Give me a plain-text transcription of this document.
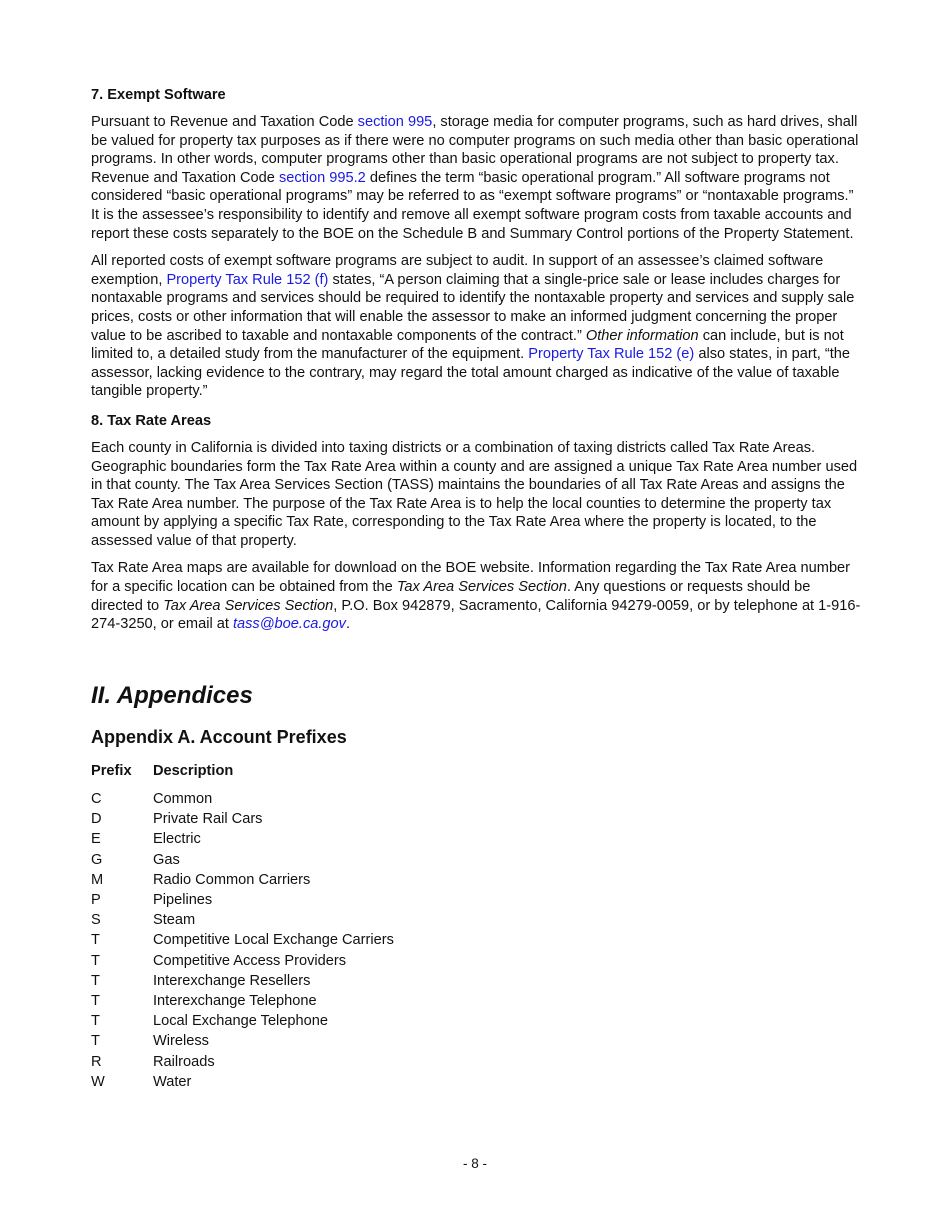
7. Exempt Software

Pursuant to Revenue and Taxation Code section 995, storage media for computer programs, such as hard drives, shall be valued for property tax purposes as if there were no computer programs on such media other than basic operational programs. In other words, computer programs other than basic operational programs are not subject to property tax. Revenue and Taxation Code section 995.2 defines the term “basic operational program.” All software programs not considered “basic operational programs” may be referred to as “exempt software programs” or “nontaxable programs.” It is the assessee’s responsibility to identify and remove all exempt software program costs from taxable accounts and report these costs separately to the BOE on the Schedule B and Summary Control portions of the Property Statement.

All reported costs of exempt software programs are subject to audit. In support of an assessee’s claimed software exemption, Property Tax Rule 152 (f) states, “A person claiming that a single-price sale or lease includes charges for nontaxable programs and services should be required to identify the nontaxable property and services and supply sale prices, costs or other information that will enable the assessor to make an informed judgment concerning the proper value to be ascribed to taxable and nontaxable components of the contract.” Other information can include, but is not limited to, a detailed study from the manufacturer of the equipment. Property Tax Rule 152 (e) also states, in part, “the assessor, lacking evidence to the contrary, may regard the total amount charged as indicative of the value of taxable tangible property.”

8. Tax Rate Areas

Each county in California is divided into taxing districts or a combination of taxing districts called Tax Rate Areas. Geographic boundaries form the Tax Rate Area within a county and are assigned a unique Tax Rate Area number used in that county. The Tax Area Services Section (TASS) maintains the boundaries of all Tax Rate Areas and assigns the Tax Rate Area number. The purpose of the Tax Rate Area is to help the local counties to determine the property tax amount by applying a specific Tax Rate, corresponding to the Tax Rate Area where the property is located, to the assessed value of that property.

Tax Rate Area maps are available for download on the BOE website. Information regarding the Tax Rate Area number for a specific location can be obtained from the Tax Area Services Section. Any questions or requests should be directed to Tax Area Services Section, P.O. Box 942879, Sacramento, California 94279-0059, or by telephone at 1-916-274-3250, or email at tass@boe.ca.gov.

II. Appendices
Appendix A. Account Prefixes
Prefix	Description
C	Common
D	Private Rail Cars
E	Electric
G	Gas
M	Radio Common Carriers
P	Pipelines
S	Steam
T	Competitive Local Exchange Carriers
T	Competitive Access Providers
T	Interexchange Resellers
T	Interexchange Telephone
T	Local Exchange Telephone
T	Wireless
R	Railroads
W	Water
- 8 -
